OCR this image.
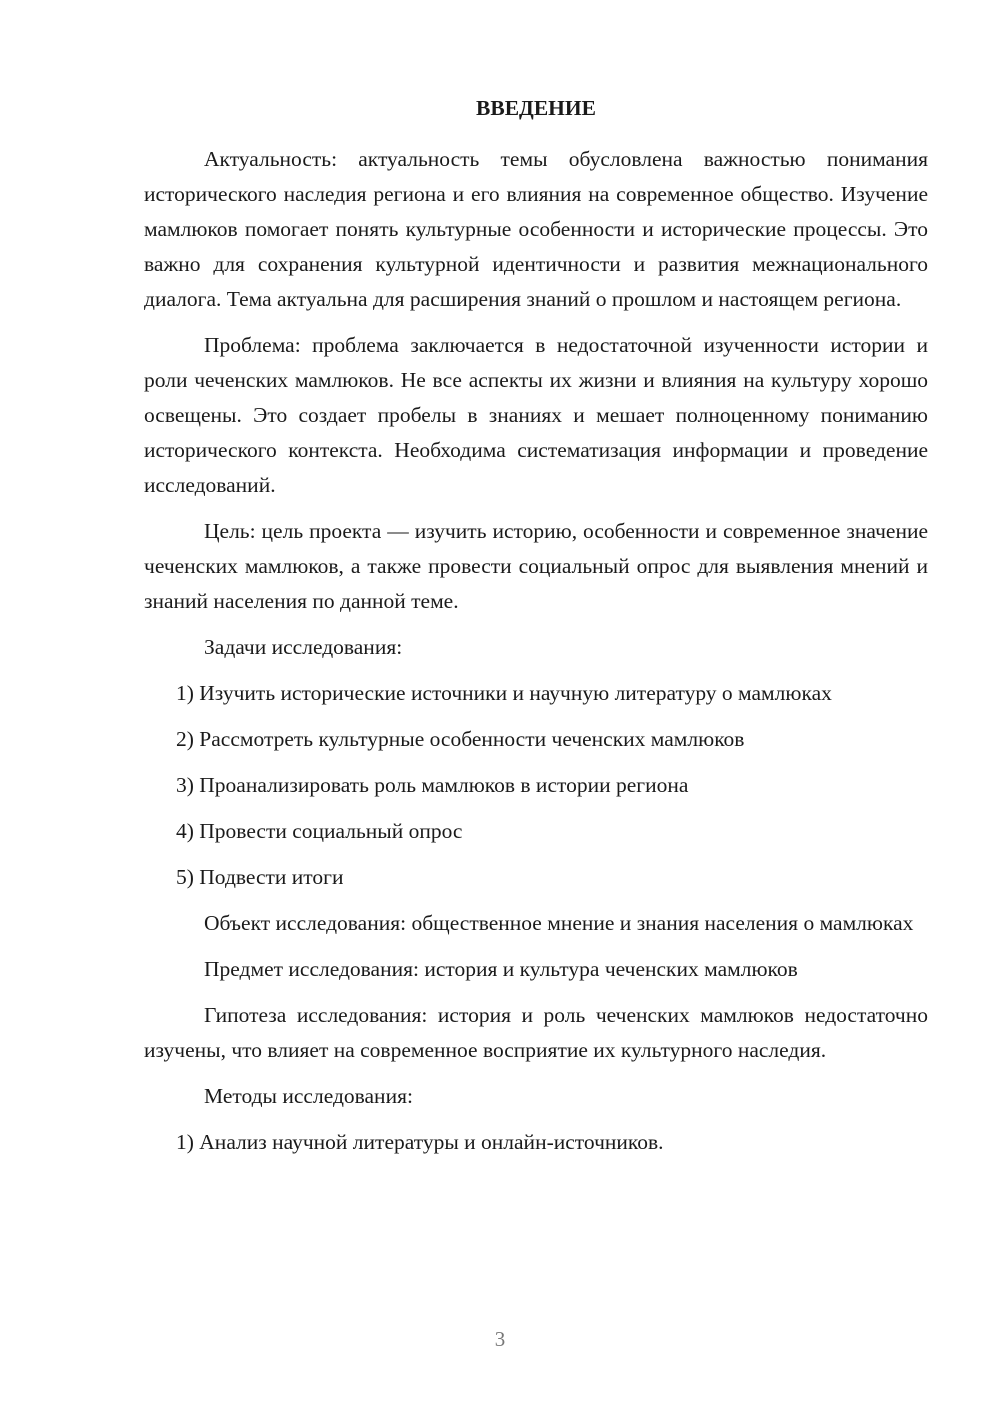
ВВЕДЕНИЕ

Актуальность: актуальность темы обусловлена важностью понимания исторического наследия региона и его влияния на современное общество. Изучение мамлюков помогает понять культурные особенности и исторические процессы. Это важно для сохранения культурной идентичности и развития межнационального диалога. Тема актуальна для расширения знаний о прошлом и настоящем региона.

Проблема: проблема заключается в недостаточной изученности истории и роли чеченских мамлюков. Не все аспекты их жизни и влияния на культуру хорошо освещены. Это создает пробелы в знаниях и мешает полноценному пониманию исторического контекста. Необходима систематизация информации и проведение исследований.

Цель: цель проекта — изучить историю, особенности и современное значение чеченских мамлюков, а также провести социальный опрос для выявления мнений и знаний населения по данной теме.

Задачи исследования:

1) Изучить исторические источники и научную литературу о мамлюках

2) Рассмотреть культурные особенности чеченских мамлюков

3) Проанализировать роль мамлюков в истории региона

4) Провести социальный опрос

5) Подвести итоги

Объект исследования: общественное мнение и знания населения о мамлюках

Предмет исследования: история и культура чеченских мамлюков

Гипотеза исследования: история и роль чеченских мамлюков недостаточно изучены, что влияет на современное восприятие их культурного наследия.

Методы исследования:

1) Анализ научной литературы и онлайн-источников.

3
